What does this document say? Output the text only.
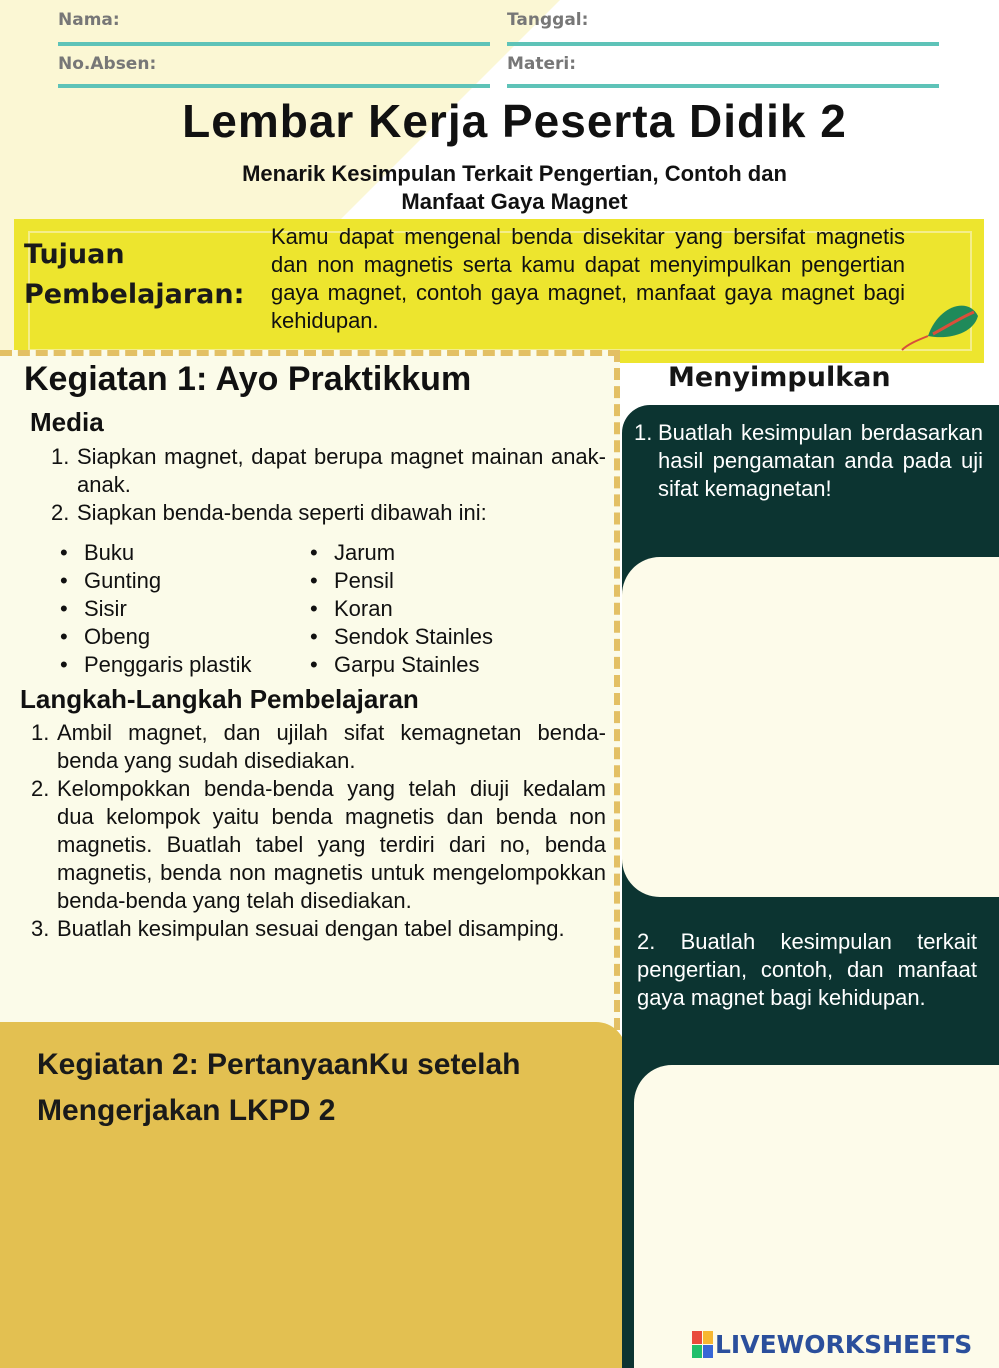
Nama:	Tanggal:
No.Absen:	Materi:
Lembar Kerja Peserta Didik 2
Menarik Kesimpulan Terkait Pengertian, Contoh dan
Manfaat Gaya Magnet
Tujuan
Pembelajaran:
Kamu dapat mengenal benda disekitar yang bersifat magnetis dan non magnetis serta kamu dapat menyimpulkan pengertian gaya magnet, contoh gaya magnet, manfaat gaya magnet bagi kehidupan.
Kegiatan 1: Ayo Praktikkum
Media
1. Siapkan magnet, dapat berupa magnet mainan anak-anak.
2. Siapkan benda-benda seperti dibawah ini:
• Buku
• Gunting
• Sisir
• Obeng
• Penggaris plastik
• Jarum
• Pensil
• Koran
• Sendok Stainles
• Garpu Stainles
Langkah-Langkah Pembelajaran
1. Ambil magnet, dan ujilah sifat kemagnetan benda-benda yang sudah disediakan.
2. Kelompokkan benda-benda yang telah diuji kedalam dua kelompok yaitu benda magnetis dan benda non magnetis. Buatlah tabel yang terdiri dari no, benda magnetis, benda non magnetis untuk mengelompokkan benda-benda yang telah disediakan.
3. Buatlah kesimpulan sesuai dengan tabel disamping.
Kegiatan 2: PertanyaanKu setelah Mengerjakan LKPD 2
Menyimpulkan
1. Buatlah kesimpulan berdasarkan hasil pengamatan anda pada uji sifat kemagnetan!
2. Buatlah kesimpulan terkait pengertian, contoh, dan manfaat gaya magnet bagi kehidupan.
LIVEWORKSHEETS
